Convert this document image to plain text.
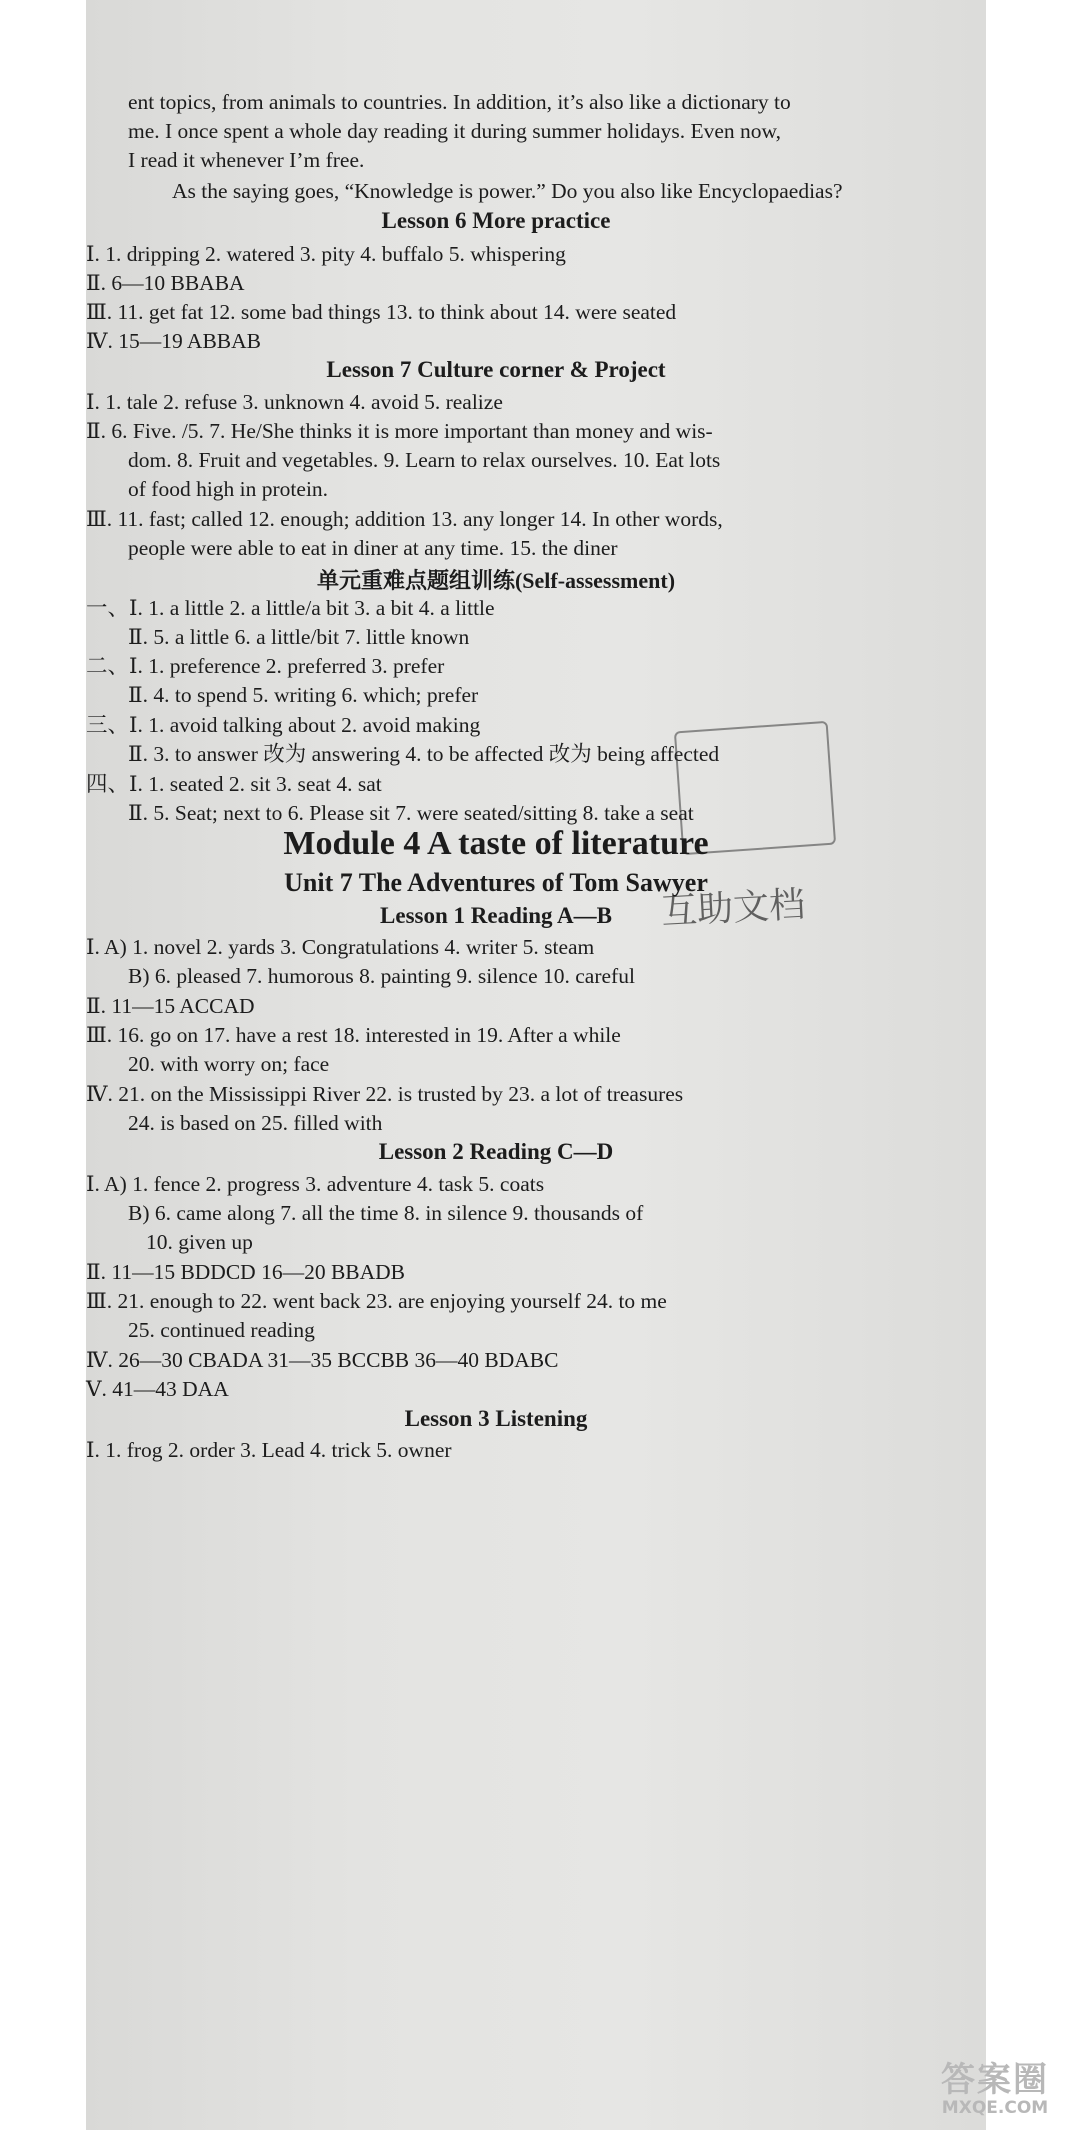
ent topics, from animals to countries. In addition, it’s also like a dictionary to
me. I once spent a whole day reading it during summer holidays. Even now,
I read it whenever I’m free.
As the saying goes, “Knowledge is power.” Do you also like Encyclopaedias?
Lesson 6 More practice
Ⅰ. 1. dripping 2. watered 3. pity 4. buffalo 5. whispering
Ⅱ. 6—10 BBABA
Ⅲ. 11. get fat 12. some bad things 13. to think about 14. were seated
Ⅳ. 15—19 ABBAB
Lesson 7 Culture corner & Project
Ⅰ. 1. tale 2. refuse 3. unknown 4. avoid 5. realize
Ⅱ. 6. Five. /5. 7. He/She thinks it is more important than money and wis-
dom. 8. Fruit and vegetables. 9. Learn to relax ourselves. 10. Eat lots
of food high in protein.
Ⅲ. 11. fast; called 12. enough; addition 13. any longer 14. In other words,
people were able to eat in diner at any time. 15. the diner
单元重难点题组训练(Self-assessment)
一、Ⅰ. 1. a little 2. a little/a bit 3. a bit 4. a little
Ⅱ. 5. a little 6. a little/bit 7. little known
二、Ⅰ. 1. preference 2. preferred 3. prefer
Ⅱ. 4. to spend 5. writing 6. which; prefer
三、Ⅰ. 1. avoid talking about 2. avoid making
Ⅱ. 3. to answer 改为 answering 4. to be affected 改为 being affected
四、Ⅰ. 1. seated 2. sit 3. seat 4. sat
Ⅱ. 5. Seat; next to 6. Please sit 7. were seated/sitting 8. take a seat
互助文档
Module 4 A taste of literature
Unit 7 The Adventures of Tom Sawyer
Lesson 1 Reading A—B
Ⅰ. A) 1. novel 2. yards 3. Congratulations 4. writer 5. steam
B) 6. pleased 7. humorous 8. painting 9. silence 10. careful
Ⅱ. 11—15 ACCAD
Ⅲ. 16. go on 17. have a rest 18. interested in 19. After a while
20. with worry on; face
Ⅳ. 21. on the Mississippi River 22. is trusted by 23. a lot of treasures
24. is based on 25. filled with
Lesson 2 Reading C—D
Ⅰ. A) 1. fence 2. progress 3. adventure 4. task 5. coats
B) 6. came along 7. all the time 8. in silence 9. thousands of
10. given up
Ⅱ. 11—15 BDDCD 16—20 BBADB
Ⅲ. 21. enough to 22. went back 23. are enjoying yourself 24. to me
25. continued reading
Ⅳ. 26—30 CBADA 31—35 BCCBB 36—40 BDABC
Ⅴ. 41—43 DAA
Lesson 3 Listening
Ⅰ. 1. frog 2. order 3. Lead 4. trick 5. owner
答案圈
MXQE.COM
